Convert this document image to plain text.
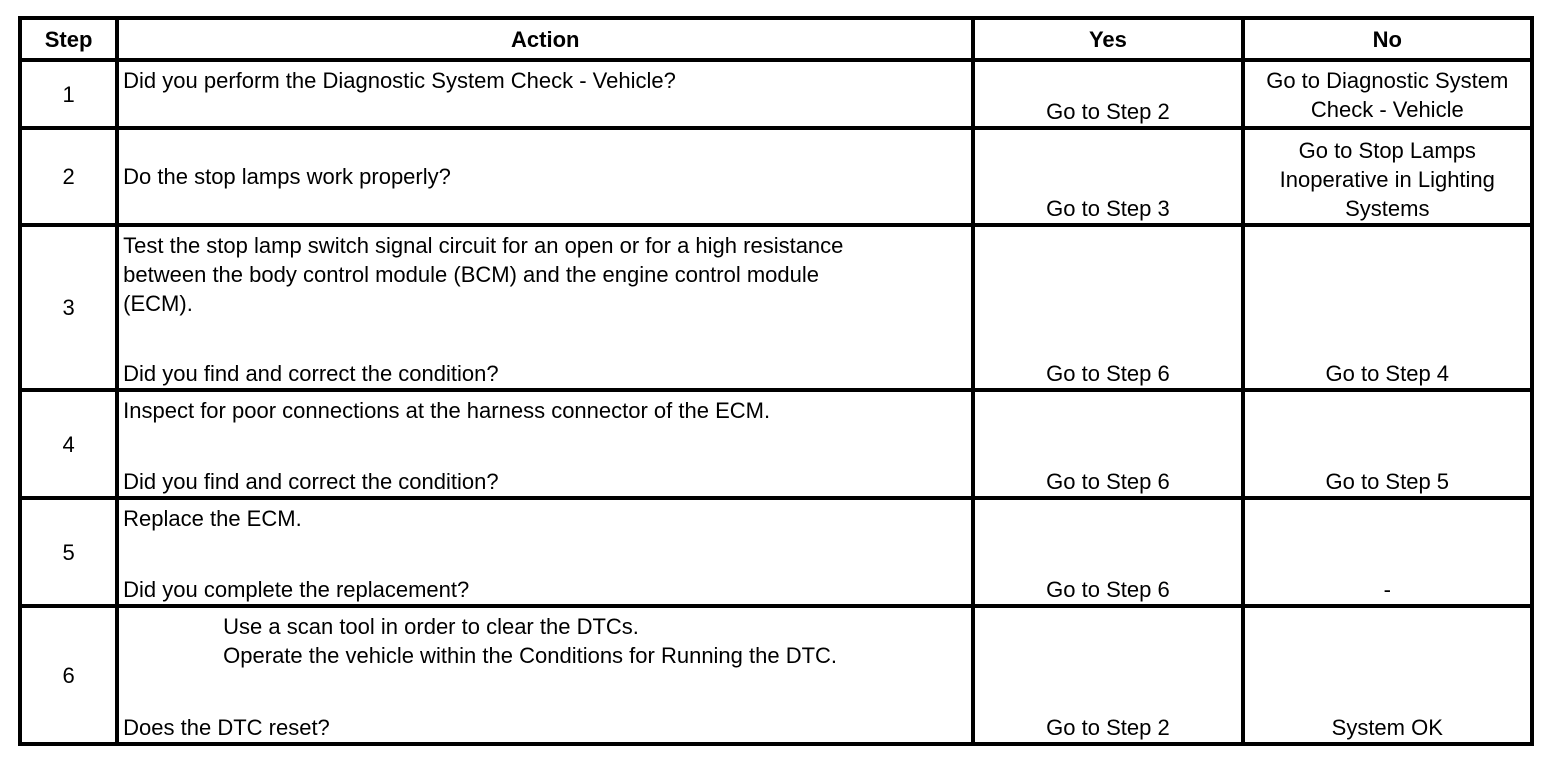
Step	Action	Yes	No
1	Did you perform the Diagnostic System Check - Vehicle?	Go to Step 2	Go to Diagnostic System
Check - Vehicle

2	Do the stop lamps work properly?	Go to Step 3	Go to Stop Lamps
Inoperative in Lighting
Systems

3	Test the stop lamp switch signal circuit for an open or for a high resistance
between the body control module (BCM) and the engine control module
(ECM).
Did you find and correct the condition?	Go to Step 6	Go to Step 4
4	Inspect for poor connections at the harness connector of the ECM.
Did you find and correct the condition?	Go to Step 6	Go to Step 5
5	Replace the ECM.
Did you complete the replacement?	Go to Step 6	-
6	Use a scan tool in order to clear the DTCs.
Operate the vehicle within the Conditions for Running the DTC.
Does the DTC reset?	Go to Step 2	System OK
